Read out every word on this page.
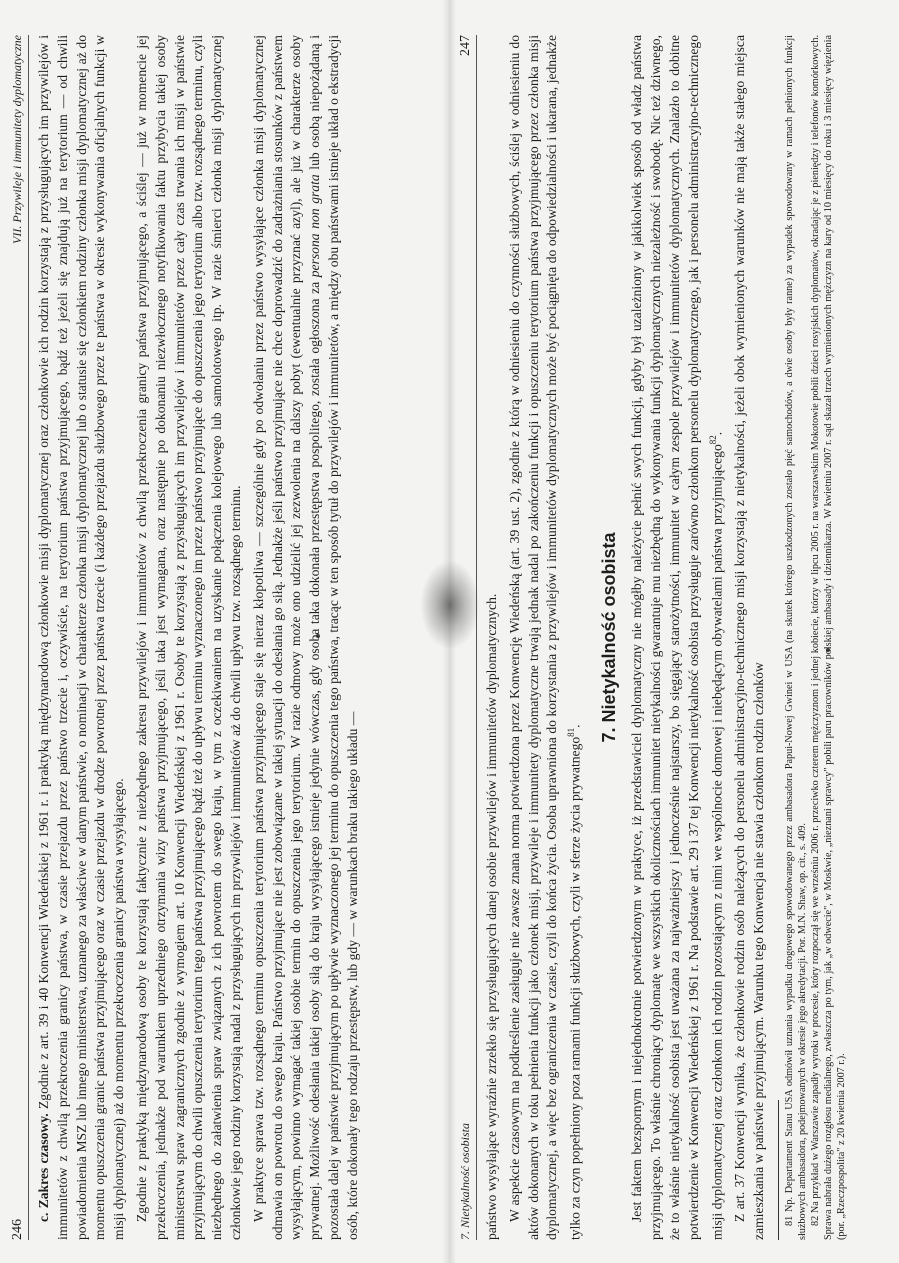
246
VII. Przywileje i immunitety dyplomatyczne

c. Zakres czasowy. Zgodnie z art. 39 i 40 Konwencji Wiedeńskiej z 1961 r. i praktyką międzynarodową członkowie misji dyplomatycznej oraz członkowie ich rodzin korzystają z przysługujących im przywilejów i immunitetów z chwilą przekroczenia granicy państwa, w czasie przejazdu przez państwo trzecie i, oczywiście, na terytorium państwa przyjmującego, bądź też jeżeli się znajdują już na terytorium — od chwili powiadomienia MSZ lub innego ministerstwa, uznanego za właściwe w danym państwie, o nominacji w charakterze członka misji dyplomatycznej lub o statusie się członkiem rodziny członka misji dyplomatycznej aż do momentu opuszczenia granic państwa przyjmującego oraz w czasie przejazdu w drodze powrotnej przez państwa trzecie (i każdego przejazdu służbowego przez te państwa w okresie wykonywania oficjalnych funkcji w misji dyplomatycznej) aż do momentu przekroczenia granicy państwa wysyłającego. Zgodnie z praktyką międzynarodową osoby te korzystają faktycznie z niezbędnego zakresu przywilejów i immunitetów z chwilą przekroczenia granicy państwa przyjmującego, a ściślej — już w momencie jej przekroczenia, jednakże pod warunkiem uprzedniego otrzymania wizy państwa przyjmującego, jeśli taka jest wymagana, oraz następnie po dokonaniu niezwłocznego notyfikowania faktu przybycia takiej osoby ministerstwu spraw zagranicznych zgodnie z wymogiem art. 10 Konwencji Wiedeńskiej z 1961 r. Osoby te korzystają z przysługujących im przywilejów i immunitetów przez cały czas trwania ich misji w państwie przyjmującym do chwili opuszczenia terytorium tego państwa przyjmującego bądź też do upływu terminu wyznaczonego im przez państwo przyjmujące do opuszczenia jego terytorium albo tzw. rozsądnego terminu, czyli niezbędnego do załatwienia spraw związanych z ich powrotem do swego kraju, w tym z oczekiwaniem na uzyskanie połączenia kolejowego lub samolotowego itp. W razie śmierci członka misji dyplomatycznej członkowie jego rodziny korzystają nadal z przysługujących im przywilejów i immunitetów aż do chwili upływu tzw. rozsądnego terminu. W praktyce sprawa tzw. rozsądnego terminu opuszczenia terytorium państwa przyjmującego staje się nieraz kłopotliwa — szczególnie gdy po odwołaniu przez państwo wysyłające członka misji dyplomatycznej odmawia on powrotu do swego kraju. Państwo przyjmujące nie jest zobowiązane w takiej sytuacji do odesłania go siłą. Jednakże jeśli państwo przyjmujące nie chce doprowadzić do zadrażniania stosunków z państwem wysyłającym, powinno wymagać takiej osobie termin do opuszczenia jego terytorium. W razie odmowy może ono udzielić jej zezwolenia na dalszy pobyt (ewentualnie przyznać azyl), ale już w charakterze osoby prywatnej. Możliwość odesłania takiej osoby siłą do kraju wysyłającego istnieje jedynie wówczas, gdy osoba taka dokonała przestępstwa pospolitego, została ogłoszona za persona non grata lub osobą niepożądaną i pozostała dalej w państwie przyjmującym po upływie wyznaczonego jej terminu do opuszczenia tego państwa, tracąc w ten sposób tytuł do przywilejów i immunitetów, a między obu państwami istnieje układ o ekstradycji osób, które dokonały tego rodzaju przestępstw, lub gdy — w warunkach braku takiego układu —	7. Nietykalność osobista
247

państwo wysyłające wyraźnie zrzekło się przysługujących danej osobie przywilejów i immunitetów dyplomatycznych. W aspekcie czasowym na podkreślenie zasługuje nie zawsze znana norma potwierdzona przez Konwencję Wiedeńską (art. 39 ust. 2), zgodnie z którą w odniesieniu do czynności służbowych, ściślej w odniesieniu do aktów dokonanych w toku pełnienia funkcji jako członek misji, przywileje i immunitety dyplomatyczne trwają jednak nadal po zakończeniu funkcji i opuszczeniu terytorium państwa przyjmującego przez członka misji dyplomatycznej, a więc bez ograniczenia w czasie, czyli do końca życia. Osoba uprawniona do korzystania z przywilejów i immunitetów dyplomatycznych może być pociągnięta do odpowiedzialności i ukarana, jednakże tylko za czyn popełniony poza ramami funkcji służbowych, czyli w sferze życia prywatnego$^{81}$. 7. Nietykalność osobista Jest faktem bezspornym i niejednokrotnie potwierdzonym w praktyce, iż przedstawiciel dyplomatyczny nie mógłby należycie pełnić swych funkcji, gdyby był uzależniony w jakikolwiek sposób od władz państwa przyjmującego. To właśnie chroniący dyplomatę we wszystkich okolicznościach immunitet nietykalności gwarantuje mu niezbędną do wykonywania funkcji dyplomatycznych niezależność i swobodę. Nic też dziwnego, że to właśnie nietykalność osobista jest uważana za najważniejszy i jednocześnie najstarszy, bo sięgający starożytności, immunitet w całym zespole przywilejów i immunitetów dyplomatycznych. Znalazło to dobitne potwierdzenie w Konwencji Wiedeńskiej z 1961 r. Na podstawie art. 29 i 37 tej Konwencji nietykalność osobista przysługuje zarówno członkom personelu dyplomatycznego, jak i personelu administracyjno-technicznego misji dyplomatycznej oraz członkom ich rodzin pozostającym z nimi we wspólnocie domowej i niebędącym obywatelami państwa przyjmującego$^{82}$. Z art. 37 Konwencji wynika, że członkowie rodzin osób należących do personelu administracyjno-technicznego misji korzystają z nietykalności, jeżeli obok wymienionych warunków nie mają także stałego miejsca zamieszkania w państwie przyjmującym. Warunku tego Konwencja nie stawia członkom rodzin członków 81 Np. Departament Stanu USA odmówił uznania wypadku drogowego spowodowanego przez ambasadora Papui-Nowej Gwinei w USA (na skutek którego uszkodzonych zostało pięć samochodów, a dwie osoby były ranne) za wypadek spowodowany w ramach pełnionych funkcji służbowych ambasadora, podejmowanych w okresie jego akredytacji. Por. M.N. Shaw, op. cit., s. 409. 82 Na przykład w Warszawie zapadły wyroki w procesie, który rozpoczął się we wrześniu 2006 r. przeciwko czterem mężczyznom i jednej kobiecie, którzy w lipcu 2005 r. na warszawskim Mokotowie pobili dzieci rosyjskich dyplomatów, okradając je z pieniędzy i telefonów komórkowych. Sprawa nabrała dużego rozgłosu medialnego, zwłaszcza po tym, jak „w odwecie", w Moskwie, „nieznani sprawcy" pobili paru pracowników polskiej ambasady i dziennikarza. W kwietniu 2007 r. sąd skazał trzech wymienionych mężczyzn na kary od 10 miesięcy do roku i 3 miesięcy więzienia (por. „Rzeczpospolita" z 20 kwietnia 2007 r.).
